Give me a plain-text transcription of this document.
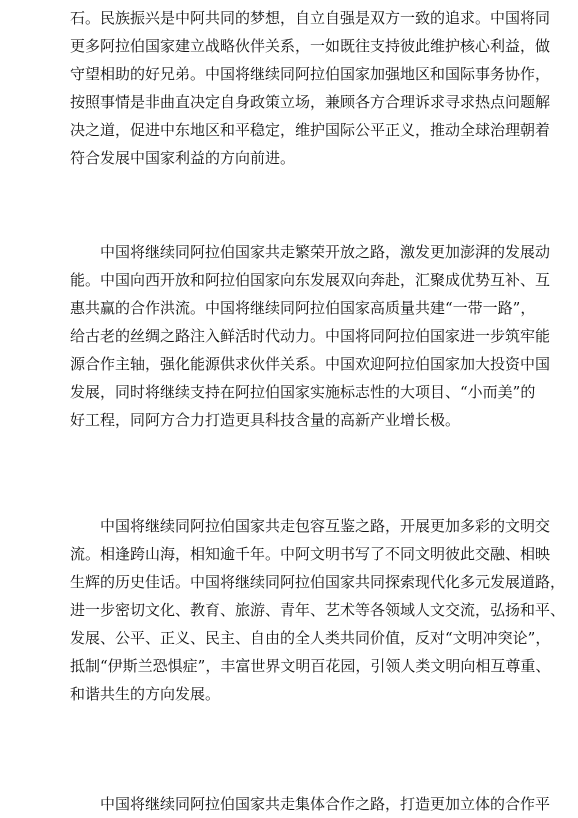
石。民族振兴是中阿共同的梦想，自立自强是双方一致的追求。中国将同
更多阿拉伯国家建立战略伙伴关系，一如既往支持彼此维护核心利益，做
守望相助的好兄弟。中国将继续同阿拉伯国家加强地区和国际事务协作，
按照事情是非曲直决定自身政策立场，兼顾各方合理诉求寻求热点问题解
决之道，促进中东地区和平稳定，维护国际公平正义，推动全球治理朝着
符合发展中国家利益的方向前进。
　　中国将继续同阿拉伯国家共走繁荣开放之路，激发更加澎湃的发展动
能。中国向西开放和阿拉伯国家向东发展双向奔赴，汇聚成优势互补、互
惠共赢的合作洪流。中国将继续同阿拉伯国家高质量共建“一带一路”，
给古老的丝绸之路注入鲜活时代动力。中国将同阿拉伯国家进一步筑牢能
源合作主轴，强化能源供求伙伴关系。中国欢迎阿拉伯国家加大投资中国
发展，同时将继续支持在阿拉伯国家实施标志性的大项目、“小而美”的
好工程，同阿方合力打造更具科技含量的高新产业增长极。
　　中国将继续同阿拉伯国家共走包容互鉴之路，开展更加多彩的文明交
流。相逢跨山海，相知逾千年。中阿文明书写了不同文明彼此交融、相映
生辉的历史佳话。中国将继续同阿拉伯国家共同探索现代化多元发展道路，
进一步密切文化、教育、旅游、青年、艺术等各领域人文交流，弘扬和平、
发展、公平、正义、民主、自由的全人类共同价值，反对“文明冲突论”，
抵制“伊斯兰恐惧症”，丰富世界文明百花园，引领人类文明向相互尊重、
和谐共生的方向发展。
　　中国将继续同阿拉伯国家共走集体合作之路，打造更加立体的合作平
